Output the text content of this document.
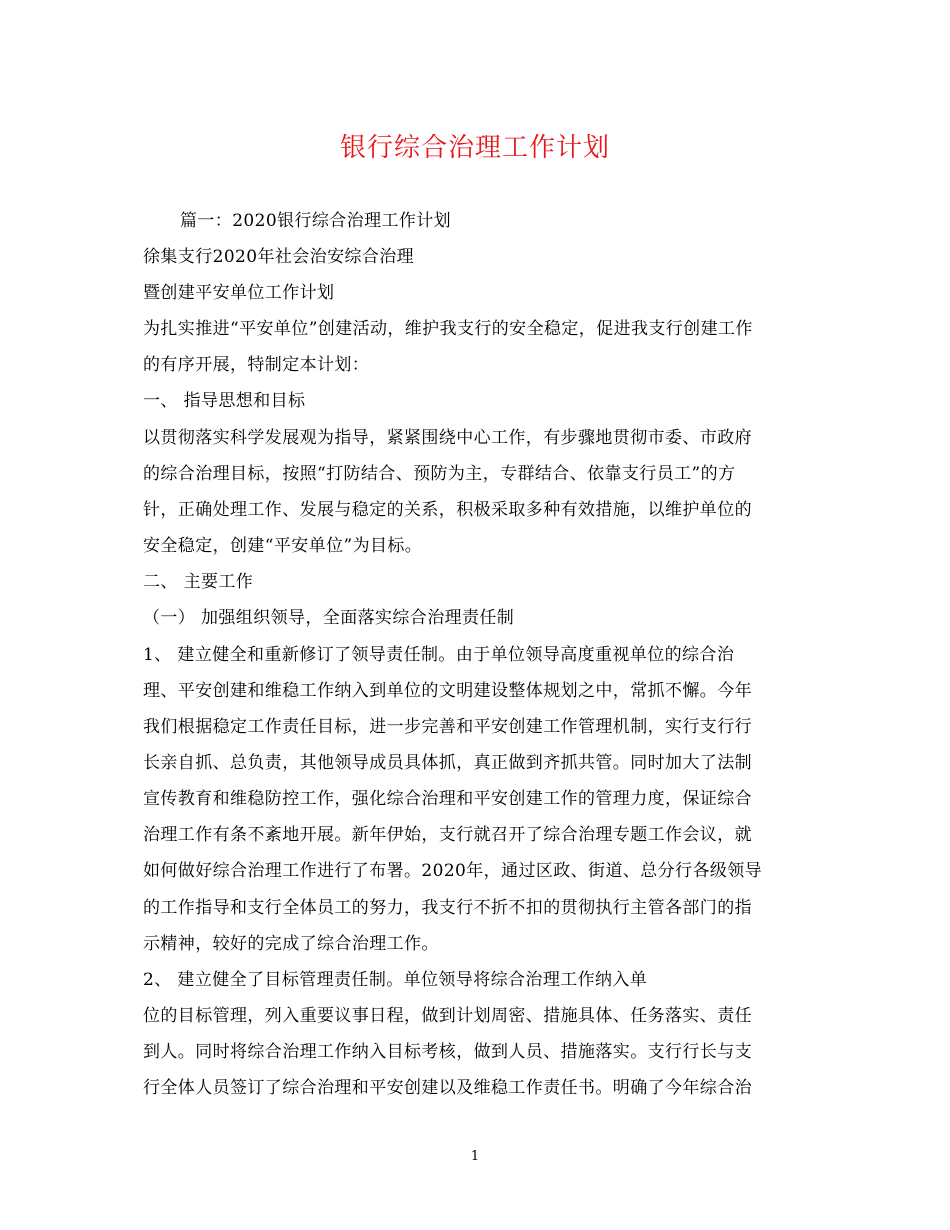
银行综合治理工作计划
篇一：2020银行综合治理工作计划
徐集支行2020年社会治安综合治理
暨创建平安单位工作计划
为扎实推进“平安单位”创建活动，维护我支行的安全稳定，促进我支行创建工作
的有序开展，特制定本计划：
一、 指导思想和目标
以贯彻落实科学发展观为指导，紧紧围绕中心工作，有步骤地贯彻市委、市政府
的综合治理目标，按照“打防结合、预防为主，专群结合、依靠支行员工”的方
针，正确处理工作、发展与稳定的关系，积极采取多种有效措施，以维护单位的
安全稳定，创建“平安单位”为目标。
二、 主要工作
（一） 加强组织领导，全面落实综合治理责任制
1、 建立健全和重新修订了领导责任制。由于单位领导高度重视单位的综合治
理、平安创建和维稳工作纳入到单位的文明建设整体规划之中，常抓不懈。今年
我们根据稳定工作责任目标，进一步完善和平安创建工作管理机制，实行支行行
长亲自抓、总负责，其他领导成员具体抓，真正做到齐抓共管。同时加大了法制
宣传教育和维稳防控工作，强化综合治理和平安创建工作的管理力度，保证综合
治理工作有条不紊地开展。新年伊始，支行就召开了综合治理专题工作会议，就
如何做好综合治理工作进行了布署。2020年，通过区政、街道、总分行各级领导
的工作指导和支行全体员工的努力，我支行不折不扣的贯彻执行主管各部门的指
示精神，较好的完成了综合治理工作。
2、 建立健全了目标管理责任制。单位领导将综合治理工作纳入单
位的目标管理，列入重要议事日程，做到计划周密、措施具体、任务落实、责任
到人。同时将综合治理工作纳入目标考核，做到人员、措施落实。支行行长与支
行全体人员签订了综合治理和平安创建以及维稳工作责任书。明确了今年综合治
1
